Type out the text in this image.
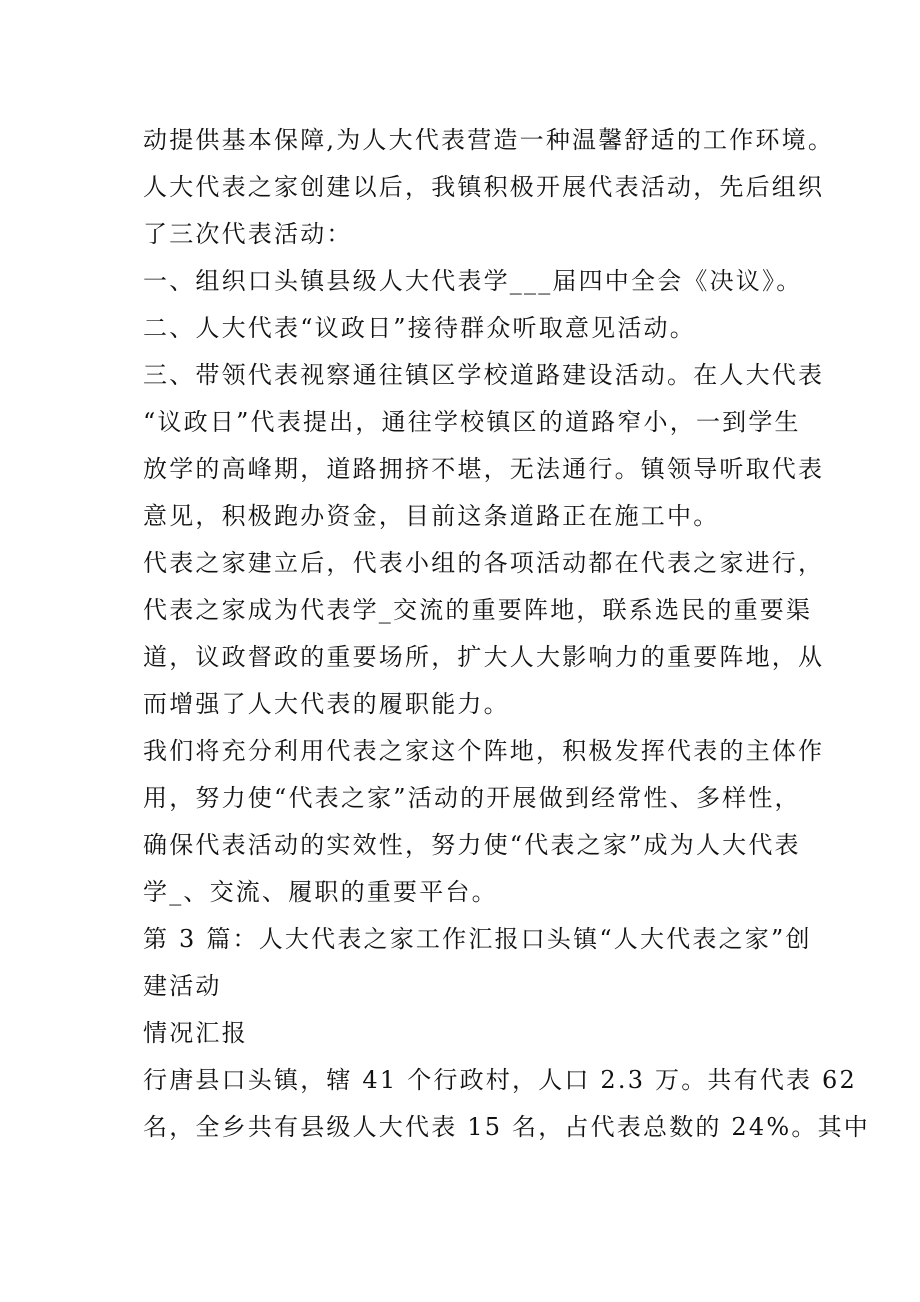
动提供基本保障,为人大代表营造一种温馨舒适的工作环境。
人大代表之家创建以后，我镇积极开展代表活动，先后组织
了三次代表活动：
一、组织口头镇县级人大代表学___届四中全会《决议》。
二、人大代表“议政日”接待群众听取意见活动。
三、带领代表视察通往镇区学校道路建设活动。在人大代表
“议政日”代表提出，通往学校镇区的道路窄小，一到学生
放学的高峰期，道路拥挤不堪，无法通行。镇领导听取代表
意见，积极跑办资金，目前这条道路正在施工中。
代表之家建立后，代表小组的各项活动都在代表之家进行，
代表之家成为代表学_交流的重要阵地，联系选民的重要渠
道，议政督政的重要场所，扩大人大影响力的重要阵地，从
而增强了人大代表的履职能力。
我们将充分利用代表之家这个阵地，积极发挥代表的主体作
用，努力使“代表之家”活动的开展做到经常性、多样性，
确保代表活动的实效性，努力使“代表之家”成为人大代表
学_、交流、履职的重要平台。
第 3 篇：人大代表之家工作汇报口头镇“人大代表之家”创
建活动
情况汇报
行唐县口头镇，辖 41 个行政村，人口 2.3 万。共有代表 62
名，全乡共有县级人大代表 15 名，占代表总数的 24%。其中
